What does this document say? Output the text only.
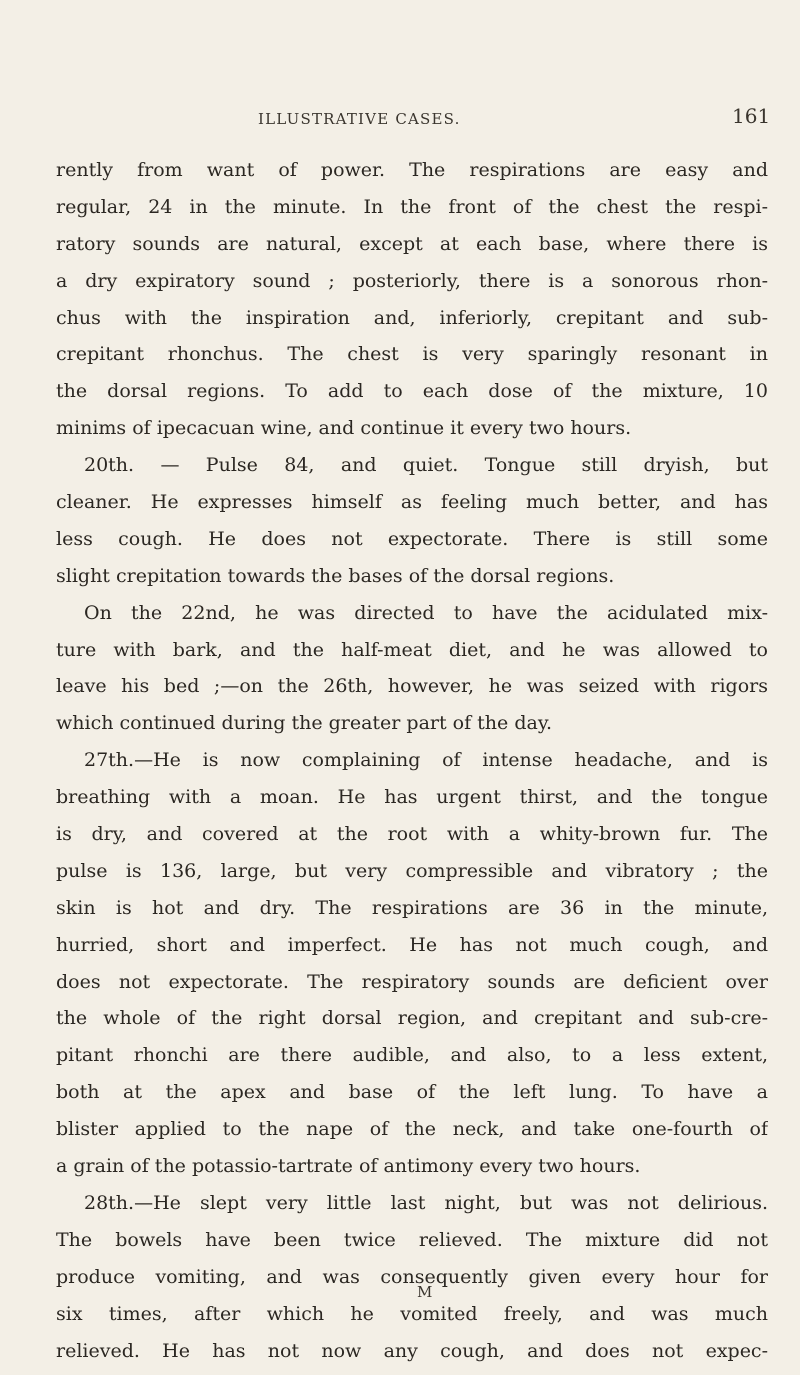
ILLUSTRATIVE CASES.	161
rently from want of power. The respirations are easy and
regular, 24 in the minute. In the front of the chest the respi-
ratory sounds are natural, except at each base, where there is
a dry expiratory sound ; posteriorly, there is a sonorous rhon-
chus with the inspiration and, inferiorly, crepitant and sub-
crepitant rhonchus. The chest is very sparingly resonant in
the dorsal regions. To add to each dose of the mixture, 10
minims of ipecacuan wine, and continue it every two hours.
20th. — Pulse 84, and quiet. Tongue still dryish, but
cleaner. He expresses himself as feeling much better, and has
less cough. He does not expectorate. There is still some
slight crepitation towards the bases of the dorsal regions.
On the 22nd, he was directed to have the acidulated mix-
ture with bark, and the half-meat diet, and he was allowed to
leave his bed ;—on the 26th, however, he was seized with rigors
which continued during the greater part of the day.
27th.—He is now complaining of intense headache, and is
breathing with a moan. He has urgent thirst, and the tongue
is dry, and covered at the root with a whity-brown fur. The
pulse is 136, large, but very compressible and vibratory ; the
skin is hot and dry. The respirations are 36 in the minute,
hurried, short and imperfect. He has not much cough, and
does not expectorate. The respiratory sounds are deficient over
the whole of the right dorsal region, and crepitant and sub-cre-
pitant rhonchi are there audible, and also, to a less extent,
both at the apex and base of the left lung. To have a
blister applied to the nape of the neck, and take one-fourth of
a grain of the potassio-tartrate of antimony every two hours.
28th.—He slept very little last night, but was not delirious.
The bowels have been twice relieved. The mixture did not
produce vomiting, and was consequently given every hour for
six times, after which he vomited freely, and was much
relieved. He has not now any cough, and does not expec-
M
